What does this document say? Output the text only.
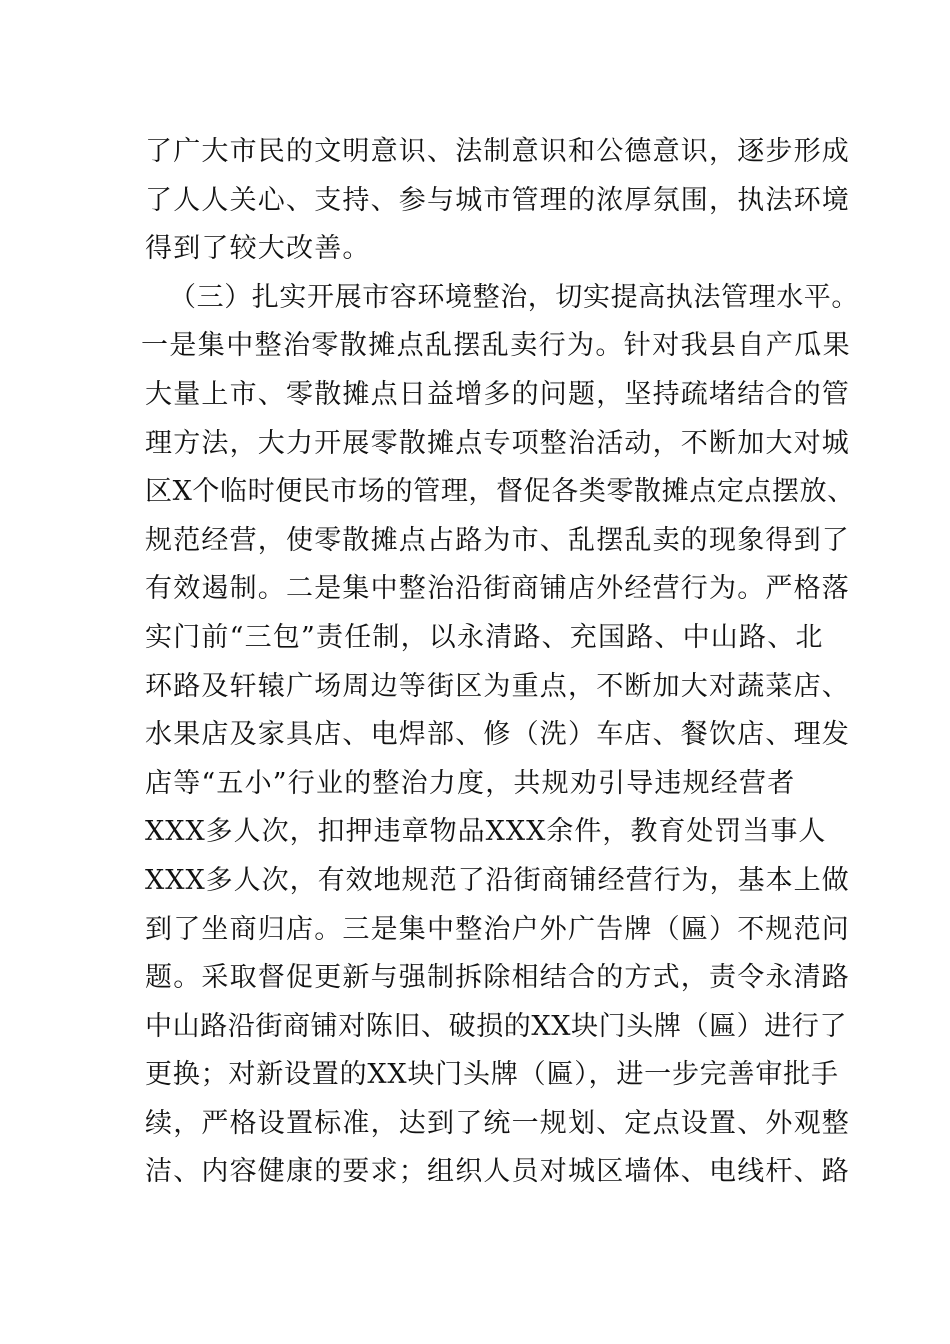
了广大市民的文明意识、法制意识和公德意识，逐步形成
了人人关心、支持、参与城市管理的浓厚氛围，执法环境
得到了较大改善。
（三）扎实开展市容环境整治，切实提高执法管理水平。
一是集中整治零散摊点乱摆乱卖行为。针对我县自产瓜果
大量上市、零散摊点日益增多的问题，坚持疏堵结合的管
理方法，大力开展零散摊点专项整治活动，不断加大对城
区X个临时便民市场的管理，督促各类零散摊点定点摆放、
规范经营，使零散摊点占路为市、乱摆乱卖的现象得到了
有效遏制。二是集中整治沿街商铺店外经营行为。严格落
实门前“三包”责任制，以永清路、充国路、中山路、北
环路及轩辕广场周边等街区为重点，不断加大对蔬菜店、
水果店及家具店、电焊部、修（洗）车店、餐饮店、理发
店等“五小”行业的整治力度，共规劝引导违规经营者
XXX多人次，扣押违章物品XXX余件，教育处罚当事人
XXX多人次，有效地规范了沿街商铺经营行为，基本上做
到了坐商归店。三是集中整治户外广告牌（匾）不规范问
题。采取督促更新与强制拆除相结合的方式，责令永清路
中山路沿街商铺对陈旧、破损的XX块门头牌（匾）进行了
更换；对新设置的XX块门头牌（匾），进一步完善审批手
续，严格设置标准，达到了统一规划、定点设置、外观整
洁、内容健康的要求；组织人员对城区墙体、电线杆、路
